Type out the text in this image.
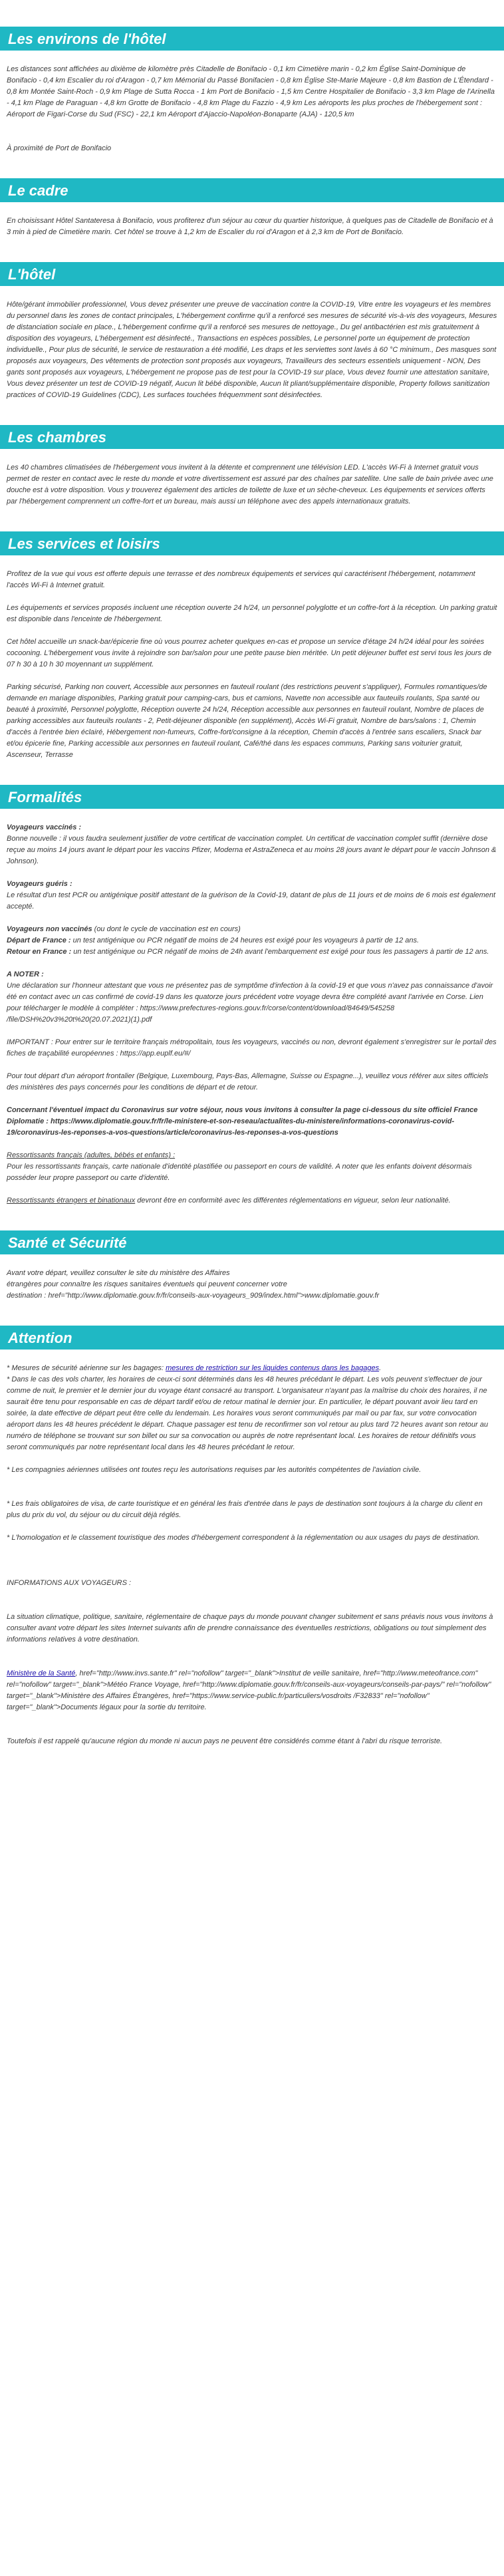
Les environs de l'hôtel

Les distances sont affichées au dixième de kilomètre près Citadelle de Bonifacio - 0,1 km Cimetière marin - 0,2 km Église Saint-Dominique de Bonifacio - 0,4 km Escalier du roi d'Aragon - 0,7 km Mémorial du Passé Bonifacien - 0,8 km Église Ste-Marie Majeure - 0,8 km Bastion de L'Étendard - 0,8 km Montée Saint-Roch - 0,9 km Plage de Sutta Rocca - 1 km Port de Bonifacio - 1,5 km Centre Hospitalier de Bonifacio - 3,3 km Plage de l'Arinella - 4,1 km Plage de Paraguan - 4,8 km Grotte de Bonifacio - 4,8 km Plage du Fazzio - 4,9 km Les aéroports les plus proches de l'hébergement sont : Aéroport de Figari-Corse du Sud (FSC) - 22,1 km Aéroport d'Ajaccio-Napoléon-Bonaparte (AJA) - 120,5 km

À proximité de Port de Bonifacio

Le cadre

En choisissant Hôtel Santateresa à Bonifacio, vous profiterez d'un séjour au cœur du quartier historique, à quelques pas de Citadelle de Bonifacio et à 3 min à pied de Cimetière marin. Cet hôtel se trouve à 1,2 km de Escalier du roi d'Aragon et à 2,3 km de Port de Bonifacio.

L'hôtel

Hôte/gérant immobilier professionnel, Vous devez présenter une preuve de vaccination contre la COVID-19, Vitre entre les voyageurs et les membres du personnel dans les zones de contact principales, L'hébergement confirme qu'il a renforcé ses mesures de sécurité vis-à-vis des voyageurs, Mesures de distanciation sociale en place., L'hébergement confirme qu'il a renforcé ses mesures de nettoyage., Du gel antibactérien est mis gratuitement à disposition des voyageurs, L'hébergement est désinfecté., Transactions en espèces possibles, Le personnel porte un équipement de protection individuelle., Pour plus de sécurité, le service de restauration a été modifié, Les draps et les serviettes sont lavés à 60 °C minimum., Des masques sont proposés aux voyageurs, Des vêtements de protection sont proposés aux voyageurs, Travailleurs des secteurs essentiels uniquement - NON, Des gants sont proposés aux voyageurs, L'hébergement ne propose pas de test pour la COVID-19 sur place, Vous devez fournir une attestation sanitaire, Vous devez présenter un test de COVID-19 négatif, Aucun lit bébé disponible, Aucun lit pliant/supplémentaire disponible, Property follows sanitization practices of COVID-19 Guidelines (CDC), Les surfaces touchées fréquemment sont désinfectées.

Les chambres

Les 40 chambres climatisées de l'hébergement vous invitent à la détente et comprennent une télévision LED. L'accès Wi-Fi à Internet gratuit vous permet de rester en contact avec le reste du monde et votre divertissement est assuré par des chaînes par satellite. Une salle de bain privée avec une douche est à votre disposition. Vous y trouverez également des articles de toilette de luxe et un sèche-cheveux. Les équipements et services offerts par l'hébergement comprennent un coffre-fort et un bureau, mais aussi un téléphone avec des appels internationaux gratuits.

Les services et loisirs

Profitez de la vue qui vous est offerte depuis une terrasse et des nombreux équipements et services qui caractérisent l'hébergement, notamment l'accès Wi-Fi à Internet gratuit.

Les équipements et services proposés incluent une réception ouverte 24 h/24, un personnel polyglotte et un coffre-fort à la réception. Un parking gratuit est disponible dans l'enceinte de l'hébergement.

Cet hôtel accueille un snack-bar/épicerie fine où vous pourrez acheter quelques en-cas et propose un service d'étage 24 h/24 idéal pour les soirées cocooning. L'hébergement vous invite à rejoindre son bar/salon pour une petite pause bien méritée. Un petit déjeuner buffet est servi tous les jours de 07 h 30 à 10 h 30 moyennant un supplément.

Parking sécurisé, Parking non couvert, Accessible aux personnes en fauteuil roulant (des restrictions peuvent s'appliquer), Formules romantiques/de demande en mariage disponibles, Parking gratuit pour camping-cars, bus et camions, Navette non accessible aux fauteuils roulants, Spa santé ou beauté à proximité, Personnel polyglotte, Réception ouverte 24 h/24, Réception accessible aux personnes en fauteuil roulant, Nombre de places de parking accessibles aux fauteuils roulants - 2, Petit-déjeuner disponible (en supplément), Accès Wi-Fi gratuit, Nombre de bars/salons : 1, Chemin d'accès à l'entrée bien éclairé, Hébergement non-fumeurs, Coffre-fort/consigne à la réception, Chemin d'accès à l'entrée sans escaliers, Snack bar et/ou épicerie fine, Parking accessible aux personnes en fauteuil roulant, Café/thé dans les espaces communs, Parking sans voiturier gratuit, Ascenseur, Terrasse

Formalités

Voyageurs vaccinés :
Bonne nouvelle : il vous faudra seulement justifier de votre certificat de vaccination complet. Un certificat de vaccination complet suffit (dernière dose reçue au moins 14 jours avant le départ pour les vaccins Pfizer, Moderna et AstraZeneca et au moins 28 jours avant le départ pour le vaccin Johnson & Johnson).

Voyageurs guéris :
Le résultat d'un test PCR ou antigénique positif attestant de la guérison de la Covid-19, datant de plus de 11 jours et de moins de 6 mois est également accepté.

Voyageurs non vaccinés (ou dont le cycle de vaccination est en cours)
Départ de France : un test antigénique ou PCR négatif de moins de 24 heures est exigé pour les voyageurs à partir de 12 ans.
Retour en France : un test antigénique ou PCR négatif de moins de 24h avant l'embarquement est exigé pour tous les passagers à partir de 12 ans.

A NOTER :
Une déclaration sur l'honneur attestant que vous ne présentez pas de symptôme d'infection à la covid-19 et que vous n'avez pas connaissance d'avoir été en contact avec un cas confirmé de covid-19 dans les quatorze jours précédent votre voyage devra être complété avant l'arrivée en Corse. Lien pour télécharger le modèle à compléter : https://www.prefectures-regions.gouv.fr/corse/content/download/84649/545258 /file/DSH%20v3%20t%20(20.07.2021)(1).pdf

IMPORTANT : Pour entrer sur le territoire français métropolitain, tous les voyageurs, vaccinés ou non, devront également s'enregistrer sur le portail des fiches de traçabilité européennes : https://app.euplf.eu/#/

Pour tout départ d'un aéroport frontalier (Belgique, Luxembourg, Pays-Bas, Allemagne, Suisse ou Espagne...), veuillez vous référer aux sites officiels des ministères des pays concernés pour les conditions de départ et de retour.

Concernant l'éventuel impact du Coronavirus sur votre séjour, nous vous invitons à consulter la page ci-dessous du site officiel France Diplomatie : https://www.diplomatie.gouv.fr/fr/le-ministere-et-son-reseau/actualites-du-ministere/informations-coronavirus-covid-19/coronavirus-les-reponses-a-vos-questions/article/coronavirus-les-reponses-a-vos-questions

Ressortissants français (adultes, bébés et enfants) :
Pour les ressortissants français, carte nationale d'identité plastifiée ou passeport en cours de validité. A noter que les enfants doivent désormais posséder leur propre passeport ou carte d'identité.

Ressortissants étrangers et binationaux devront être en conformité avec les différentes réglementations en vigueur, selon leur nationalité.

Santé et Sécurité

Avant votre départ, veuillez consulter le site du ministère des Affaires
étrangères pour connaître les risques sanitaires éventuels qui peuvent concerner votre
destination : href="http://www.diplomatie.gouv.fr/fr/conseils-aux-voyageurs_909/index.html">www.diplomatie.gouv.fr

Attention

* Mesures de sécurité aérienne sur les bagages: mesures de restriction sur les liquides contenus dans les bagages.
* Dans le cas des vols charter, les horaires de ceux-ci sont déterminés dans les 48 heures précédant le départ. Les vols peuvent s'effectuer de jour comme de nuit, le premier et le dernier jour du voyage étant consacré au transport. L'organisateur n'ayant pas la maîtrise du choix des horaires, il ne saurait être tenu pour responsable en cas de départ tardif et/ou de retour matinal le dernier jour. En particulier, le départ pouvant avoir lieu tard en soirée, la date effective de départ peut être celle du lendemain. Les horaires vous seront communiqués par mail ou par fax, sur votre convocation aéroport dans les 48 heures précédent le départ. Chaque passager est tenu de reconfirmer son vol retour au plus tard 72 heures avant son retour au numéro de téléphone se trouvant sur son billet ou sur sa convocation ou auprès de notre représentant local. Les horaires de retour définitifs vous seront communiqués par notre représentant local dans les 48 heures précédant le retour.

* Les compagnies aériennes utilisées ont toutes reçu les autorisations requises par les autorités compétentes de l'aviation civile.

* Les frais obligatoires de visa, de carte touristique et en général les frais d'entrée dans le pays de destination sont toujours à la charge du client en plus du prix du vol, du séjour ou du circuit déjà réglés.

* L'homologation et le classement touristique des modes d'hébergement correspondent à la réglementation ou aux usages du pays de destination.

INFORMATIONS AUX VOYAGEURS :

La situation climatique, politique, sanitaire, réglementaire de chaque pays du monde pouvant changer subitement et sans préavis nous vous invitons à consulter avant votre départ les sites Internet suivants afin de prendre connaissance des éventuelles restrictions, obligations ou tout simplement des informations relatives à votre destination.

Ministère de la Santé, href="http://www.invs.sante.fr" rel="nofollow" target="_blank">Institut de veille sanitaire, href="http://www.meteofrance.com" rel="nofollow" target="_blank">Météo France Voyage, href="http://www.diplomatie.gouv.fr/fr/conseils-aux-voyageurs/conseils-par-pays/" rel="nofollow" target="_blank">Ministère des Affaires Étrangères, href="https://www.service-public.fr/particuliers/vosdroits /F32833" rel="nofollow" target="_blank">Documents légaux pour la sortie du territoire.

Toutefois il est rappelé qu'aucune région du monde ni aucun pays ne peuvent être considérés comme étant à l'abri du risque terroriste.
